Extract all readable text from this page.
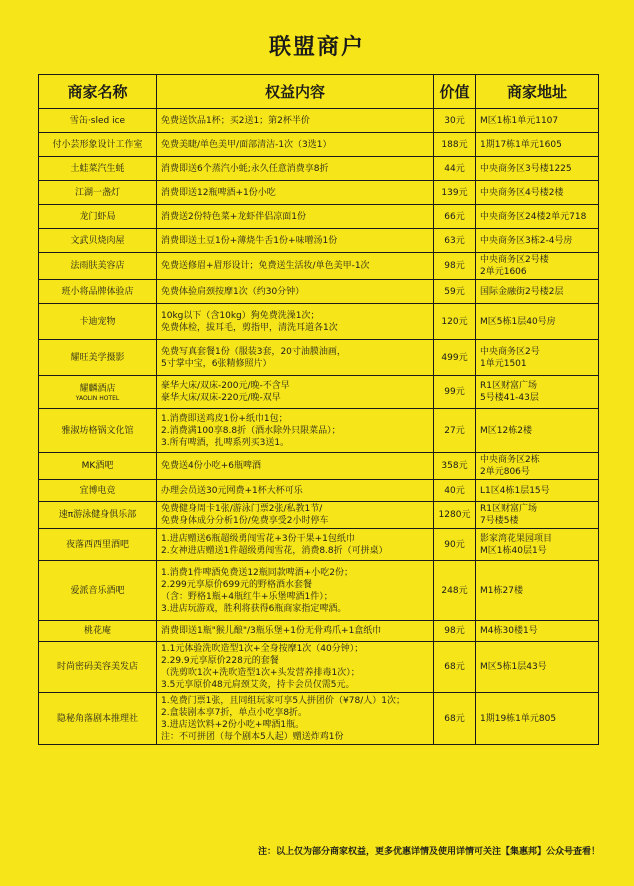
联盟商户
商家名称	权益内容	价值	商家地址

雪缶·sled ice	免费送饮品1杯；买2送1；第2杯半价	30元	M区1栋1单元1107

付小芸形象设计工作室	免费美睫/单色美甲/面部清洁-1次（3选1）	188元	1期17栋1单元1605

土蛙菜汽生蚝	消费即送6个蒸汽小蚝;永久任意消费享8折	44元	中央商务区3号楼1225

江湖一盏灯	消费即送12瓶啤酒+1份小吃	139元	中央商务区4号楼2楼

龙门虾局	消费送2份特色菜+龙虾伴侣凉面1份	66元	中央商务区24楼2单元718

文武贝烧肉屋	消费即送土豆1份+薄烧牛舌1份+味噌汤1份	63元	中央商务区3栋2-4号房

法雨肤美容店	免费送修眉+眉形设计；免费送生活妆/单色美甲-1次	98元	中央商务区2号楼
2单元1606

班小将品牌体验店	免费体验肩颈按摩1次（约30分钟）	59元	国际金融街2号楼2层

卡迪宠物	10kg以下（含10kg）狗免费洗澡1次；
免费体检，拔耳毛，剪指甲，清洗耳道各1次	120元	M区5栋1层40号房

耀旺美学摄影	免费写真套餐1份（服装3套，20寸油膜油画，
5寸掌中宝，6张精修照片）	499元	中央商务区2号
1单元1501

耀麟酒店
YAOLIN HOTEL	豪华大床/双床-200元/晚-不含早
豪华大床/双床-220元/晚-双早	99元	R1区财富广场
5号楼41-43层

雅淑坊格锅文化馆	1.消费即送鸡皮1份+纸巾1包；
2.消费满100享8.8折（酒水除外只限菜品）；
3.所有啤酒，扎啤系列买3送1。	27元	M区12栋2楼

MK酒吧	免费送4份小吃+6瓶啤酒	358元	中央商务区2栋
2单元806号

宜博电竞	办理会员送30元网费+1杯大杯可乐	40元	L1区4栋1层15号

速π游泳健身俱乐部	免费健身周卡1张/游泳门票2张/私教1节/
免费身体成分分析1份/免费享受2小时停车	1280元	R1区财富广场
7号楼5楼

夜落西西里酒吧	1.进店赠送6瓶超级勇闯雪花+3份干果+1包纸巾
2.女神进店赠送1件超级勇闯雪花，消费8.8折（可拼桌）	90元	影家湾花果园项目
M区1栋40层1号

爱派音乐酒吧	1.消费1件啤酒免费送12瓶同款啤酒+小吃2份；
2.299元享原价699元的野格酒水套餐
（含：野格1瓶+4瓶红牛+乐堡啤酒1件）；
3.进店玩游戏，胜利将获得6瓶商家指定啤酒。	248元	M1栋27楼

桃花庵	消费即送1瓶"猴儿酿"/3瓶乐堡+1份无骨鸡爪+1盒纸巾	98元	M4栋30楼1号

时尚密码美容美发店	1.1元体验洗吹造型1次+全身按摩1次（40分钟）；
2.29.9元享原价228元的套餐
（洗剪吹1次+洗吹造型1次+头发营养排毒1次）；
3.5元享原价48元肩颈艾灸，持卡会员仅需5元。	68元	M区5栋1层43号

隐秘角落剧本推理社	1.免费门票1张，且同组玩家可享5人拼团价（¥78/人）1次；
2.盒装剧本享7折，单点小吃享8折。
3.进店送饮料+2份小吃+啤酒1瓶。
注：不可拼团（每个剧本5人起）赠送炸鸡1份	68元	1期19栋1单元805
注：以上仅为部分商家权益，更多优惠详情及使用详情可关注【集惠邦】公众号查看！
